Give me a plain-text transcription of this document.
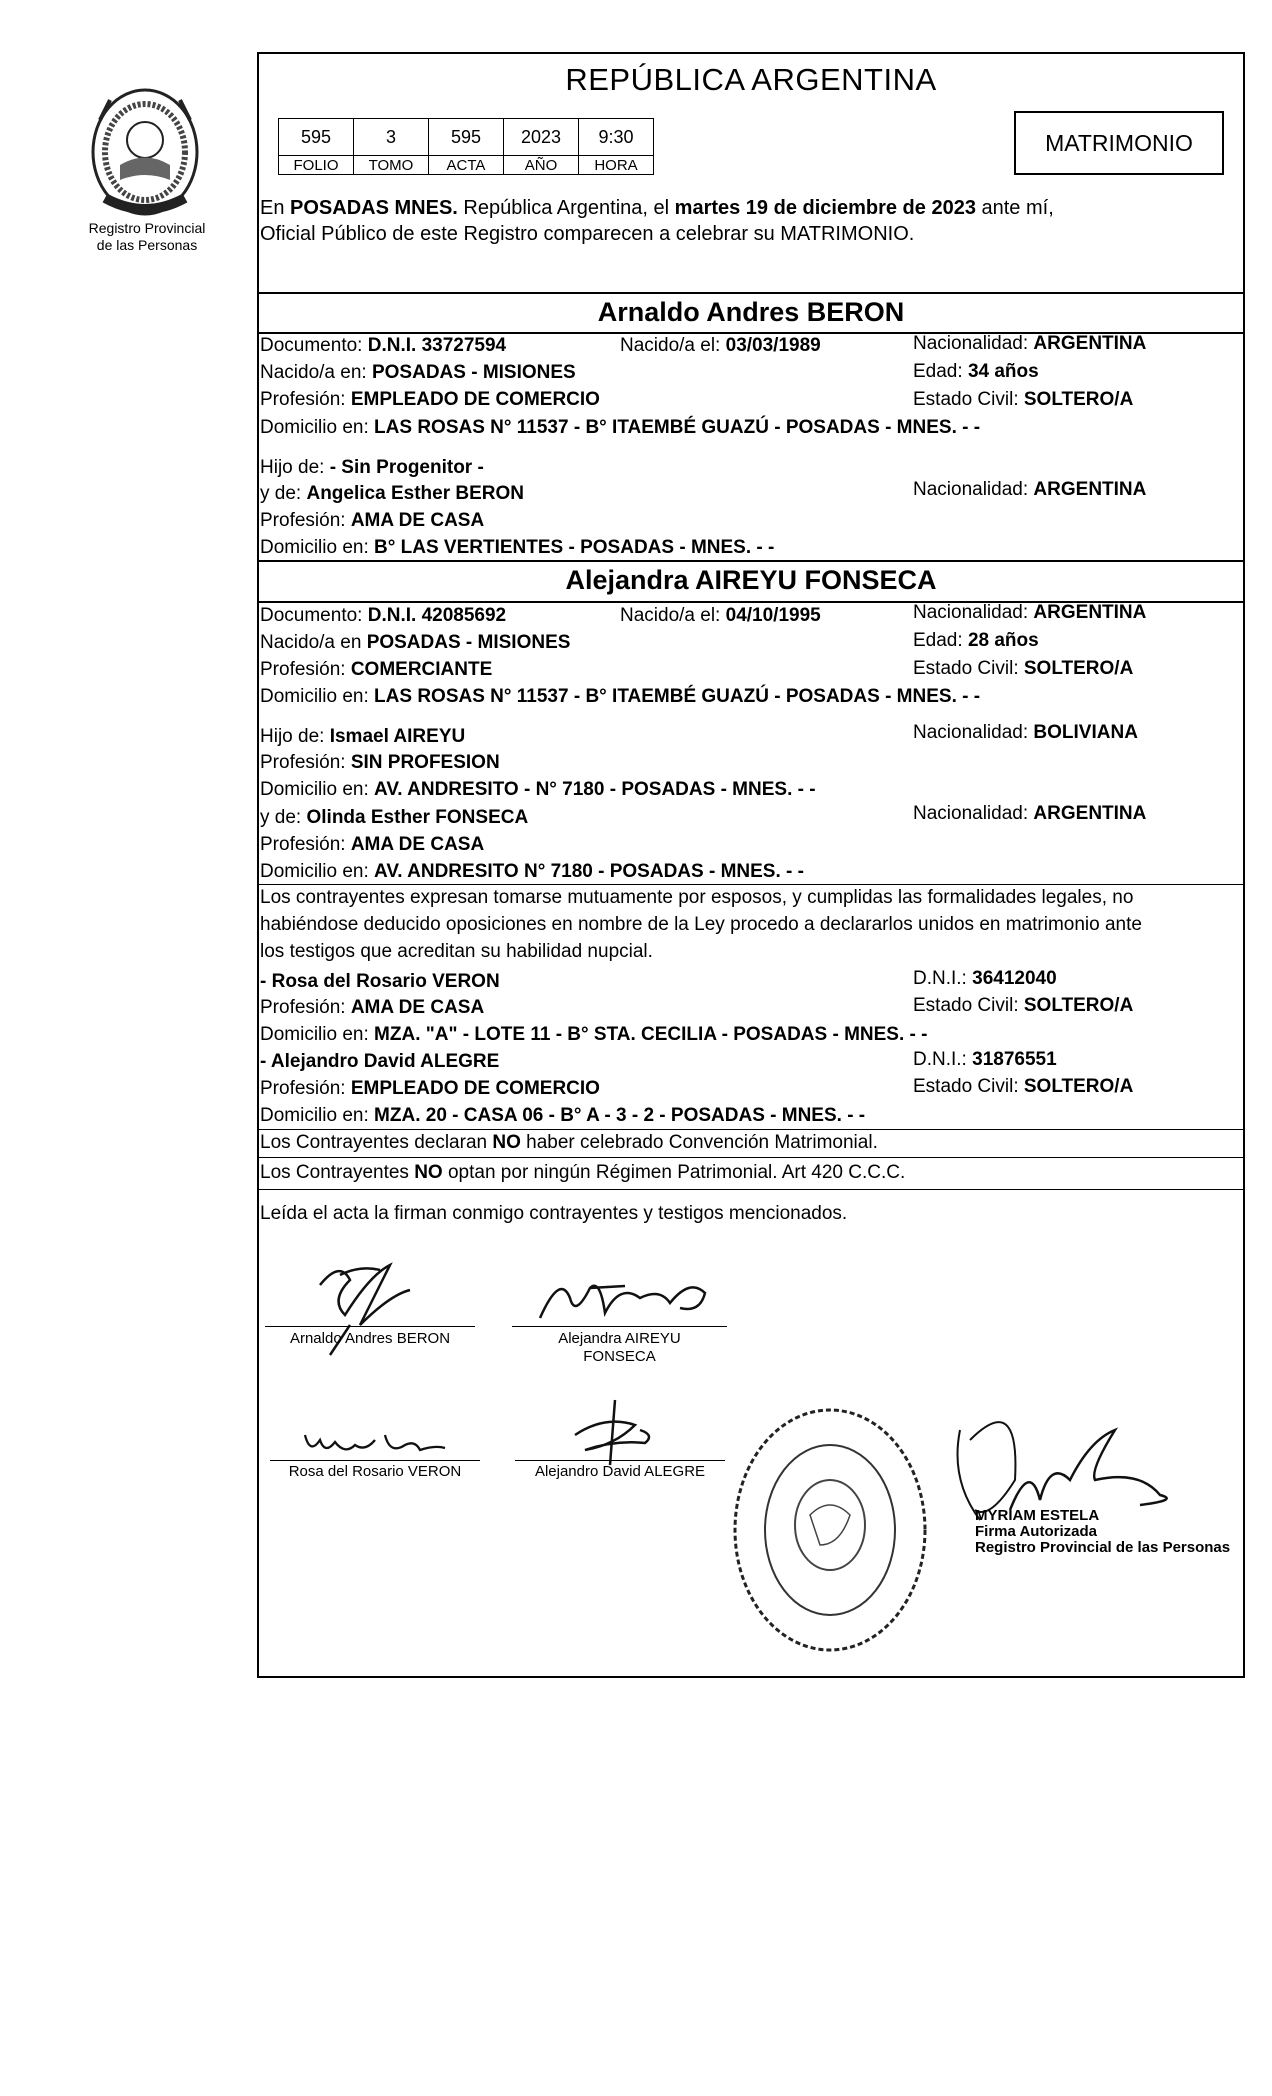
Registro Provincial
de las Personas
REPÚBLICA ARGENTINA
595	3	595	2023	9:30
FOLIO	TOMO	ACTA	AÑO	HORA
MATRIMONIO
En POSADAS MNES. República Argentina, el martes 19 de diciembre de 2023 ante mí,
Oficial Público de este Registro comparecen a celebrar su MATRIMONIO.
Arnaldo Andres BERON
Documento: D.N.I. 33727594	Nacido/a el: 03/03/1989	Nacionalidad: ARGENTINA
Nacido/a en: POSADAS - MISIONES	Edad: 34 años
Profesión: EMPLEADO DE COMERCIO	Estado Civil: SOLTERO/A
Domicilio en: LAS ROSAS N° 11537 - B° ITAEMBÉ GUAZÚ - POSADAS - MNES. - -
Hijo de: - Sin Progenitor -
y de: Angelica Esther BERON	Nacionalidad: ARGENTINA
Profesión: AMA DE CASA
Domicilio en: B° LAS VERTIENTES - POSADAS - MNES. - -
Alejandra AIREYU FONSECA
Documento: D.N.I. 42085692	Nacido/a el: 04/10/1995	Nacionalidad: ARGENTINA
Nacido/a en POSADAS - MISIONES	Edad: 28 años
Profesión: COMERCIANTE	Estado Civil: SOLTERO/A
Domicilio en: LAS ROSAS N° 11537 - B° ITAEMBÉ GUAZÚ - POSADAS - MNES. - -
Hijo de: Ismael AIREYU	Nacionalidad: BOLIVIANA
Profesión: SIN PROFESION
Domicilio en: AV. ANDRESITO - N° 7180 - POSADAS - MNES. - -
y de: Olinda Esther FONSECA	Nacionalidad: ARGENTINA
Profesión: AMA DE CASA
Domicilio en: AV. ANDRESITO N° 7180 - POSADAS - MNES. - -
Los contrayentes expresan tomarse mutuamente por esposos, y cumplidas las formalidades legales, no
habiéndose deducido oposiciones en nombre de la Ley procedo a declararlos unidos en matrimonio ante
los testigos que acreditan su habilidad nupcial.
- Rosa del Rosario VERON	D.N.I.: 36412040
Profesión: AMA DE CASA	Estado Civil: SOLTERO/A
Domicilio en: MZA. "A" - LOTE 11 - B° STA. CECILIA - POSADAS - MNES. - -
- Alejandro David ALEGRE	D.N.I.: 31876551
Profesión: EMPLEADO DE COMERCIO	Estado Civil: SOLTERO/A
Domicilio en: MZA. 20 - CASA 06 - B° A - 3 - 2 - POSADAS - MNES. - -
Los Contrayentes declaran NO haber celebrado Convención Matrimonial.
Los Contrayentes NO optan por ningún Régimen Patrimonial. Art 420 C.C.C.
Leída el acta la firman conmigo contrayentes y testigos mencionados.
Arnaldo Andres BERON	Alejandra AIREYU
FONSECA
Rosa del Rosario VERON	Alejandro David ALEGRE
MYRIAM ESTELA
Firma Autorizada
Registro Provincial de las Personas
